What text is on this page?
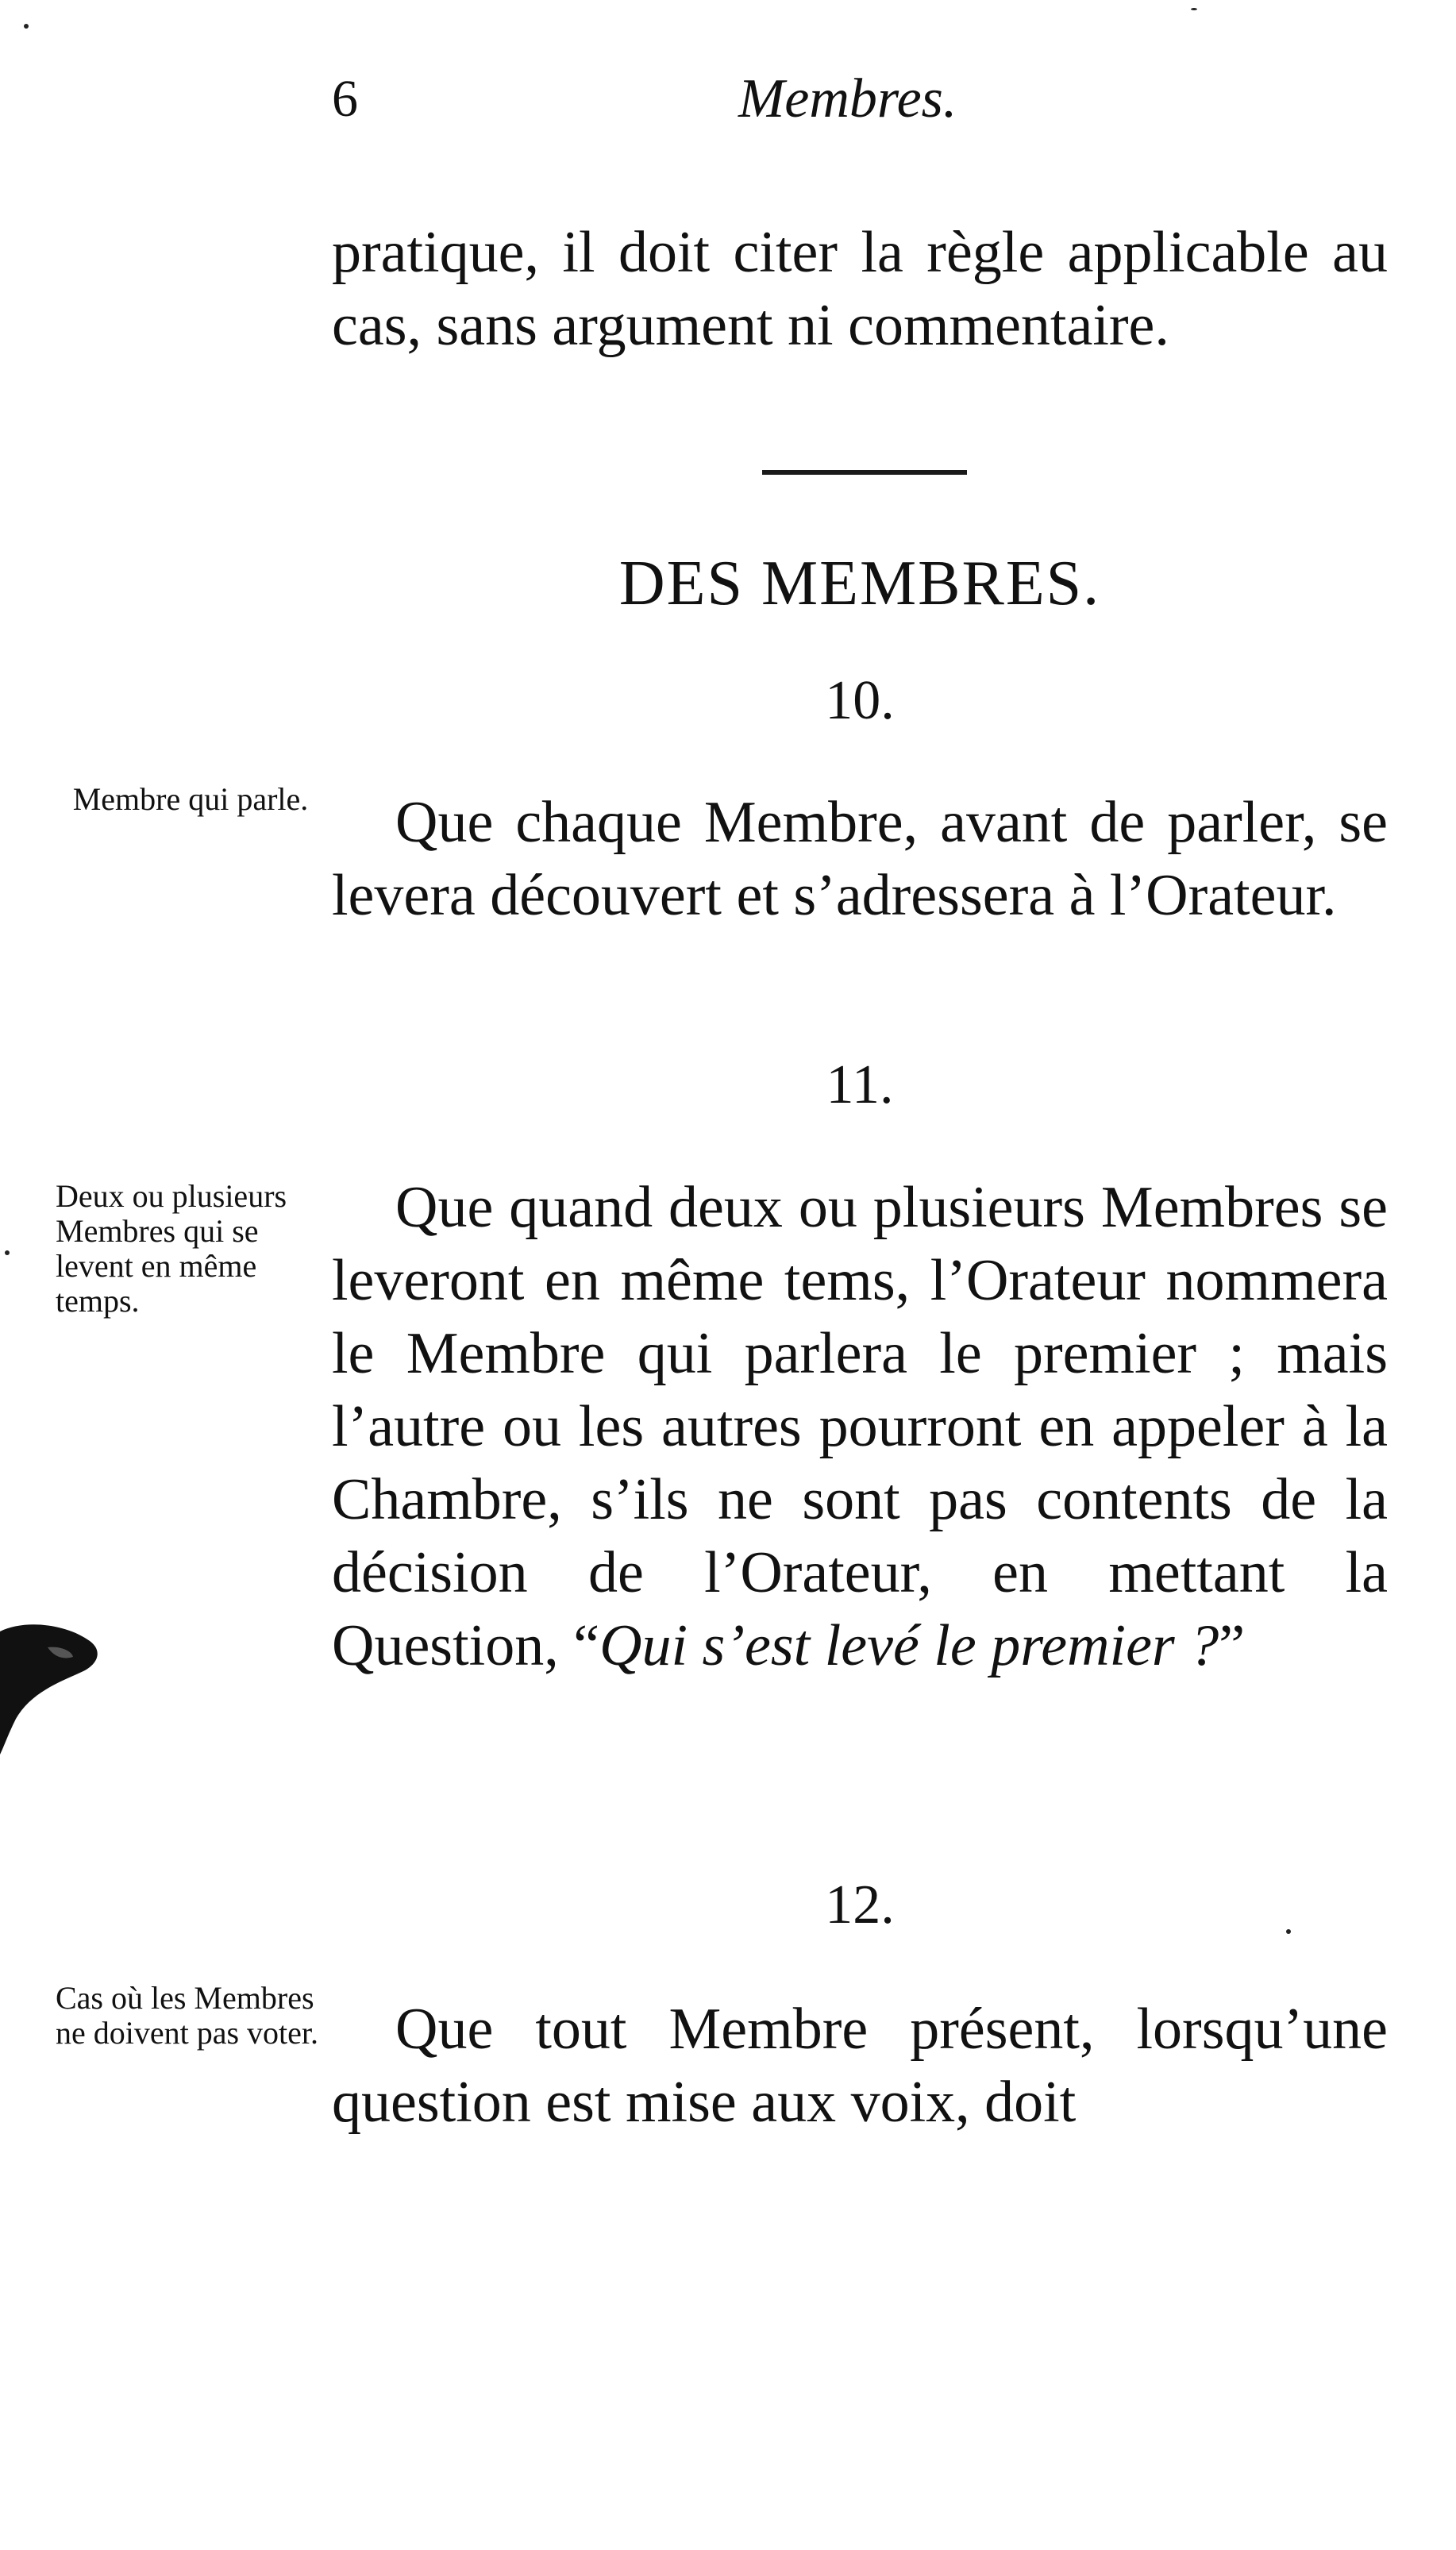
6	Membres.
pratique, il doit citer la règle applicable au cas, sans argument ni commentaire.
DES MEMBRES.
10.
Membre qui parle.	Que chaque Membre, avant de parler, se levera découvert et s’adressera à l’Orateur.
11.
Deux ou plusieurs Membres qui se levent en même temps.
Que quand deux ou plusieurs Membres se leveront en même tems, l’Orateur nommera le Membre qui parlera le premier ; mais l’autre ou les autres pourront en appeler à la Chambre, s’ils ne sont pas contents de la décision de l’Orateur, en mettant la Question, “Qui s’est levé le premier ?”
12.
Cas où les Membres ne doivent pas voter.	Que tout Membre présent, lorsqu’une question est mise aux voix, doit
